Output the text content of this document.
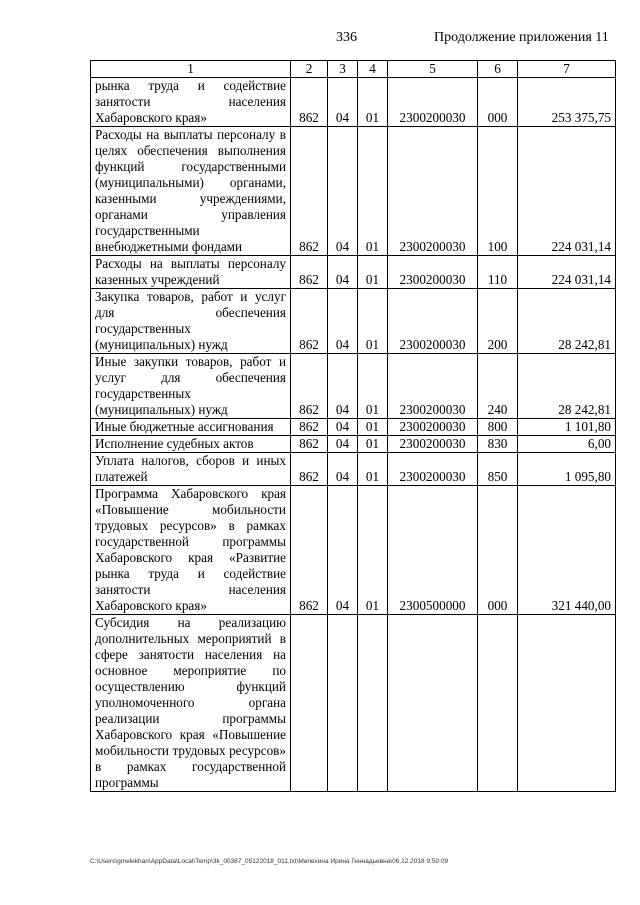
336	Продолжение приложения 11
1	2	3	4	5	6	7
рынка труда и содействие занятости населения Хабаровского края»	862	04	01	2300200030	000	253 375,75
Расходы на выплаты персоналу в целях обеспечения выполнения функций государственными (муниципальными) органами, казенными учреждениями, органами управления государственными внебюджетными фондами	862	04	01	2300200030	100	224 031,14
Расходы на выплаты персоналу казенных учреждений	862	04	01	2300200030	110	224 031,14
Закупка товаров, работ и услуг для обеспечения государственных (муниципальных) нужд	862	04	01	2300200030	200	28 242,81
Иные закупки товаров, работ и услуг для обеспечения государственных (муниципальных) нужд	862	04	01	2300200030	240	28 242,81
Иные бюджетные ассигнования	862	04	01	2300200030	800	1 101,80
Исполнение судебных актов	862	04	01	2300200030	830	6,00
Уплата налогов, сборов и иных платежей	862	04	01	2300200030	850	1 095,80
Программа Хабаровского края «Повышение мобильности трудовых ресурсов» в рамках государственной программы Хабаровского края «Развитие рынка труда и содействие занятости населения Хабаровского края»	862	04	01	2300500000	000	321 440,00
Субсидия на реализацию дополнительных мероприятий в сфере занятости населения на основное мероприятие по осуществлению функций уполномоченного органа реализации программы Хабаровского края «Повышение мобильности трудовых ресурсов» в рамках государственной программы						
C:\Users\gmelekhan\AppData\Local\Temp\3k_00387_05122018_011.txt\Мелехина Ирина Геннадьевна\06.12.2018 9:50:09
